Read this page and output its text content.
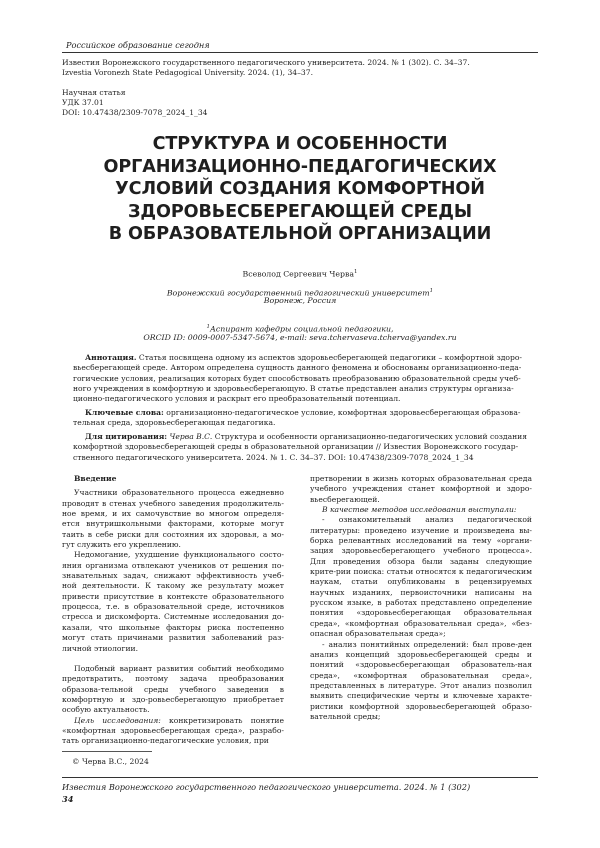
Российское образование сегодня
Известия Воронежского государственного педагогического университета. 2024. № 1 (302). С. 34–37.
Izvestia Voronezh State Pedagogical University. 2024. (1), 34–37.
Научная статья
УДК 37.01
DOI: 10.47438/2309-7078_2024_1_34
СТРУКТУРА И ОСОБЕННОСТИ
ОРГАНИЗАЦИОННО-ПЕДАГОГИЧЕСКИХ
УСЛОВИЙ СОЗДАНИЯ КОМФОРТНОЙ
ЗДОРОВЬЕСБЕРЕГАЮЩЕЙ СРЕДЫ
В ОБРАЗОВАТЕЛЬНОЙ ОРГАНИЗАЦИИ
Всеволод Сергеевич Черва$^1$
Воронежский государственный педагогический университет$^1$
Воронеж, Россия
$^1$Аспирант кафедры социальной педагогики,
ORCID ID: 0009-0007-5347-5674, e-mail: seva.tchervaseva.tcherva@yandex.ru
Аннотация. Статья посвящена одному из аспектов здоровьесберегающей педагогики – комфортной здоро-
вьесберегающей среде. Автором определена сущность данного феномена и обоснованы организационно-педа-
гогические условия, реализация которых будет способствовать преобразованию образовательной среды учеб-
ного учреждения в комфортную и здоровьесберегающую. В статье представлен анализ структуры организа-
ционно-педагогического условия и раскрыт его преобразовательный потенциал.
Ключевые слова: организационно-педагогическое условие, комфортная здоровьесберегающая образова-
тельная среда, здоровьесберегающая педагогика.
Для цитирования: Черва В.С. Структура и особенности организационно-педагогических условий создания
комфортной здоровьесберегающей среды в образовательной организации // Известия Воронежского государ-
ственного педагогического университета. 2024. № 1. С. 34–37. DOI: 10.47438/2309-7078_2024_1_34
Введение

Участники образовательного процесса ежедневно проводят в стенах учебного заведения продолжитель-ное время, и их самочувствие во многом определя-ется внутришкольными факторами, которые могут таить в себе риски для состояния их здоровья, а мо-гут служить его укреплению.

Недомогание, ухудшение функционального состо-яния организма отвлекают учеников от решения по-знавательных задач, снижают эффективность учеб-ной деятельности. К такому же результату может привести присутствие в контексте образовательного процесса, т.е. в образовательной среде, источников стресса и дискомфорта. Системные исследования до-казали, что школьные факторы риска постепенно могут стать причинами развития заболеваний раз-личной этиологии.

Подобный вариант развития событий необходимо предотвратить, поэтому задача преобразования образова-тельной среды учебного заведения в комфортную и здо-ровьесберегающую приобретает особую актуальность.

Цель исследования: конкретизировать понятие «комфортная здоровьесберегающая среда», разрабо-тать организационно-педагогические условия, при

претворении в жизнь которых образовательная среда учебного учреждения станет комфортной и здоро-вьесберегающей.

В качестве методов исследования выступали:

- ознакомительный анализ педагогической литературы: проведено изучение и произведена вы-борка релевантных исследований на тему «органи-зация здоровьесберегающего учебного процесса». Для проведения обзора были заданы следующие крите-рии поиска: статьи относятся к педагогическим наукам, статьи опубликованы в рецензируемых научных изданиях, первоисточники написаны на русском языке, в работах представлено определение понятия «здоровьесберегающая образовательная среда», «комфортная образовательная среда», «без-опасная образовательная среда»;

- анализ понятийных определений: был прове-ден анализ концепций здоровьесберегающей среды и понятий «здоровьесберегающая образователь-ная среда», «комфортная образовательная среда», представленных в литературе. Этот анализ позволил выявить специфические черты и ключевые характе-ристики комфортной здоровьесберегающей образо-вательной среды;

© Черва В.С., 2024
Известия Воронежского государственного педагогического университета. 2024. № 1 (302)
34
